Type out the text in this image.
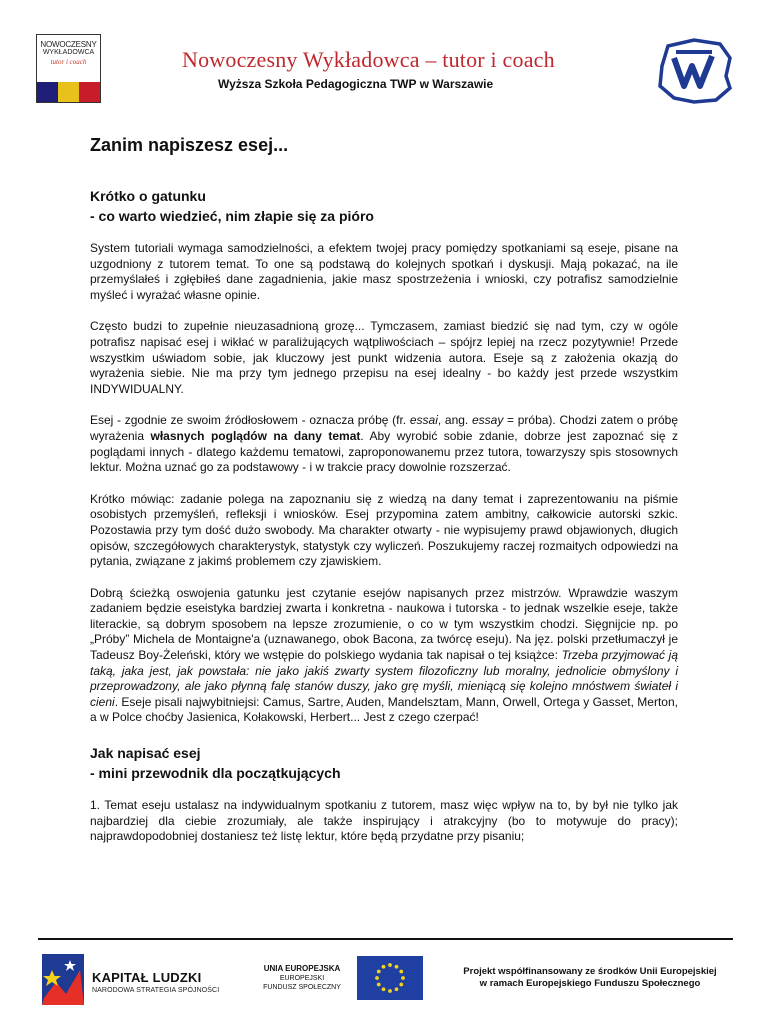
NOWOCZESNY
WYKŁADOWCA
tutor i coach	Nowoczesny Wykładowca – tutor i coach
Wyższa Szkoła Pedagogiczna TWP w Warszawie
Zanim napiszesz esej...
Krótko o gatunku
- co warto wiedzieć, nim złapie się za pióro

System tutoriali wymaga samodzielności, a efektem twojej pracy pomiędzy spotkaniami są eseje, pisane na uzgodniony z tutorem temat. To one są podstawą do kolejnych spotkań i dyskusji. Mają pokazać, na ile przemyślałeś i zgłębiłeś dane zagadnienia, jakie masz spostrzeżenia i wnioski, czy potrafisz samodzielnie myśleć i wyrażać własne opinie.

Często budzi to zupełnie nieuzasadnioną grozę... Tymczasem, zamiast biedzić się nad tym, czy w ogóle potrafisz napisać esej i wikłać w paraliżujących wątpliwościach – spójrz lepiej na rzecz pozytywnie! Przede wszystkim uświadom sobie, jak kluczowy jest punkt widzenia autora. Eseje są z założenia okazją do wyrażenia siebie. Nie ma przy tym jednego przepisu na esej idealny - bo każdy jest przede wszystkim INDYWIDUALNY.

Esej - zgodnie ze swoim źródłosłowem - oznacza próbę (fr. essai, ang. essay = próba). Chodzi zatem o próbę wyrażenia własnych poglądów na dany temat. Aby wyrobić sobie zdanie, dobrze jest zapoznać się z poglądami innych - dlatego każdemu tematowi, zaproponowanemu przez tutora, towarzyszy spis stosownych lektur. Można uznać go za podstawowy - i w trakcie pracy dowolnie rozszerzać.

Krótko mówiąc: zadanie polega na zapoznaniu się z wiedzą na dany temat i zaprezentowaniu na piśmie osobistych przemyśleń, refleksji i wniosków. Esej przypomina zatem ambitny, całkowicie autorski szkic. Pozostawia przy tym dość dużo swobody. Ma charakter otwarty - nie wypisujemy prawd objawionych, długich opisów, szczegółowych charakterystyk, statystyk czy wyliczeń. Poszukujemy raczej rozmaitych odpowiedzi na pytania, związane z jakimś problemem czy zjawiskiem.

Dobrą ścieżką oswojenia gatunku jest czytanie esejów napisanych przez mistrzów. Wprawdzie waszym zadaniem będzie eseistyka bardziej zwarta i konkretna - naukowa i tutorska - to jednak wszelkie eseje, także literackie, są dobrym sposobem na lepsze zrozumienie, o co w tym wszystkim chodzi. Sięgnijcie np. po „Próby” Michela de Montaigne'a (uznawanego, obok Bacona, za twórcę eseju). Na jęz. polski przetłumaczył je Tadeusz Boy-Żeleński, który we wstępie do polskiego wydania tak napisał o tej książce: Trzeba przyjmować ją taką, jaka jest, jak powstała: nie jako jakiś zwarty system filozoficzny lub moralny, jednolicie obmyślony i przeprowadzony, ale jako płynną falę stanów duszy, jako grę myśli, mieniącą się kolejno mnóstwem świateł i cieni. Eseje pisali najwybitniejsi: Camus, Sartre, Auden, Mandelsztam, Mann, Orwell, Ortega y Gasset, Merton, a w Polce choćby Jasienica, Kołakowski, Herbert... Jest z czego czerpać!

Jak napisać esej
- mini przewodnik dla początkujących

1. Temat eseju ustalasz na indywidualnym spotkaniu z tutorem, masz więc wpływ na to, by był nie tylko jak najbardziej dla ciebie zrozumiały, ale także inspirujący i atrakcyjny (bo to motywuje do pracy); najprawdopodobniej dostaniesz też listę lektur, które będą przydatne przy pisaniu;

KAPITAŁ LUDZKI
NARODOWA STRATEGIA SPÓJNOŚCI
UNIA EUROPEJSKA
EUROPEJSKI
FUNDUSZ SPOŁECZNY
Projekt współfinansowany ze środków Unii Europejskiej
w ramach Europejskiego Funduszu Społecznego
